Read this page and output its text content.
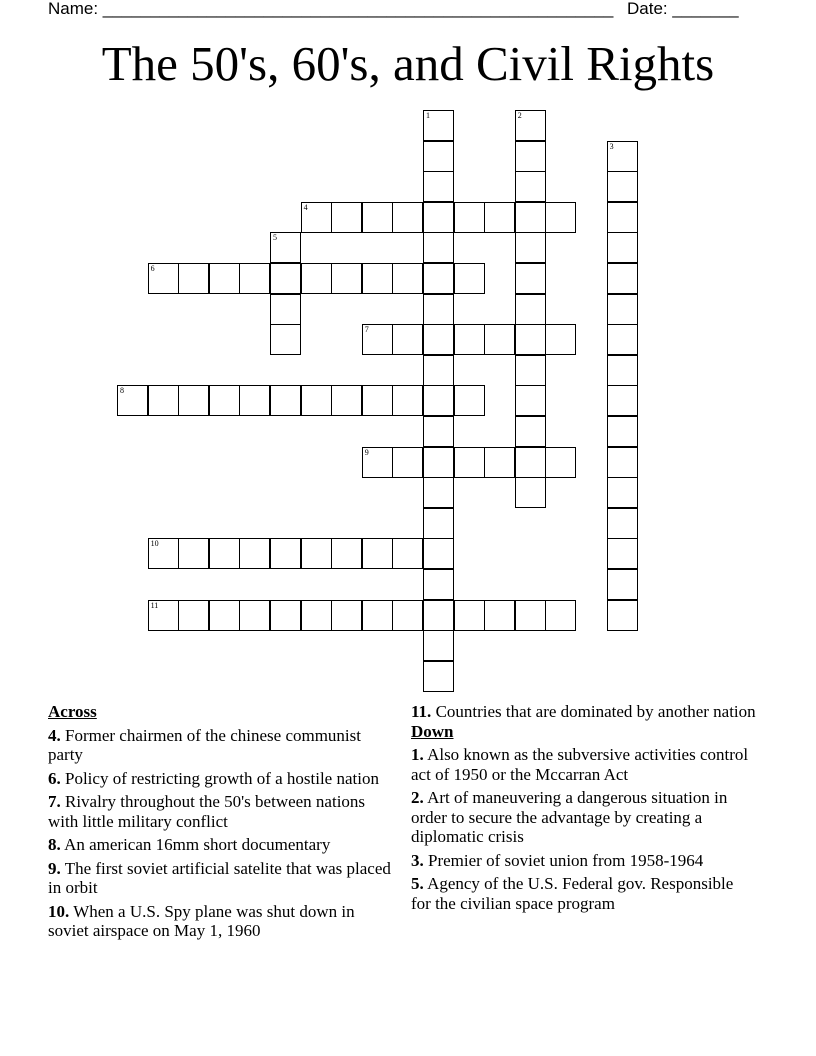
Name: ______________________________________________________ Date: _______
The 50's, 60's, and Civil Rights
1	2
3
4
5
6
7
8
9
10
11
Across
4. Former chairmen of the chinese communist party
6. Policy of restricting growth of a hostile nation
7. Rivalry throughout the 50's between nations with little military conflict
8. An american 16mm short documentary
9. The first soviet artificial satelite that was placed in orbit
10. When a U.S. Spy plane was shut down in soviet airspace on May 1, 1960
11. Countries that are dominated by another nation
Down
1. Also known as the subversive activities control act of 1950 or the Mccarran Act
2. Art of maneuvering a dangerous situation in order to secure the advantage by creating a diplomatic crisis
3. Premier of soviet union from 1958-1964
5. Agency of the U.S. Federal gov. Responsible for the civilian space program
